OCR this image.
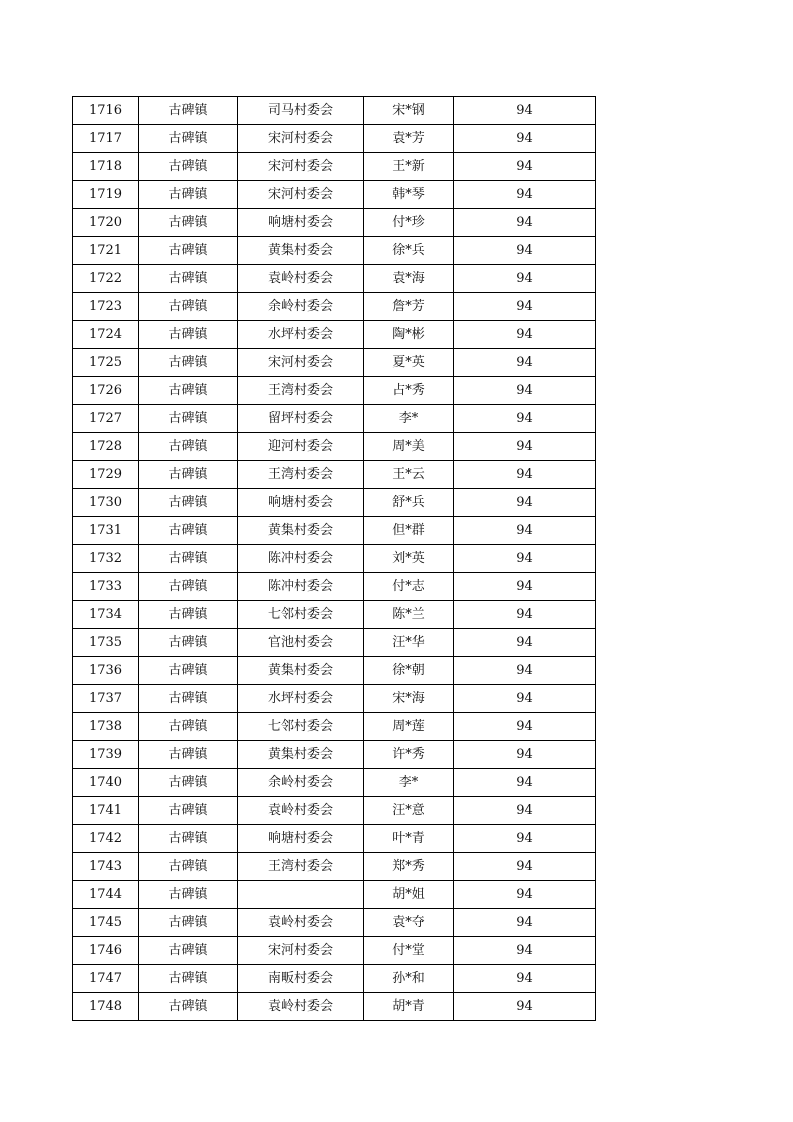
1716	古碑镇	司马村委会	宋*钢	94
1717	古碑镇	宋河村委会	袁*芳	94
1718	古碑镇	宋河村委会	王*新	94
1719	古碑镇	宋河村委会	韩*琴	94
1720	古碑镇	响塘村委会	付*珍	94
1721	古碑镇	黄集村委会	徐*兵	94
1722	古碑镇	袁岭村委会	袁*海	94
1723	古碑镇	余岭村委会	詹*芳	94
1724	古碑镇	水坪村委会	陶*彬	94
1725	古碑镇	宋河村委会	夏*英	94
1726	古碑镇	王湾村委会	占*秀	94
1727	古碑镇	留坪村委会	李*	94
1728	古碑镇	迎河村委会	周*美	94
1729	古碑镇	王湾村委会	王*云	94
1730	古碑镇	响塘村委会	舒*兵	94
1731	古碑镇	黄集村委会	但*群	94
1732	古碑镇	陈冲村委会	刘*英	94
1733	古碑镇	陈冲村委会	付*志	94
1734	古碑镇	七邻村委会	陈*兰	94
1735	古碑镇	官池村委会	汪*华	94
1736	古碑镇	黄集村委会	徐*朝	94
1737	古碑镇	水坪村委会	宋*海	94
1738	古碑镇	七邻村委会	周*莲	94
1739	古碑镇	黄集村委会	许*秀	94
1740	古碑镇	余岭村委会	李*	94
1741	古碑镇	袁岭村委会	汪*意	94
1742	古碑镇	响塘村委会	叶*青	94
1743	古碑镇	王湾村委会	郑*秀	94
1744	古碑镇		胡*姐	94
1745	古碑镇	袁岭村委会	袁*夺	94
1746	古碑镇	宋河村委会	付*堂	94
1747	古碑镇	南畈村委会	孙*和	94
1748	古碑镇	袁岭村委会	胡*青	94
